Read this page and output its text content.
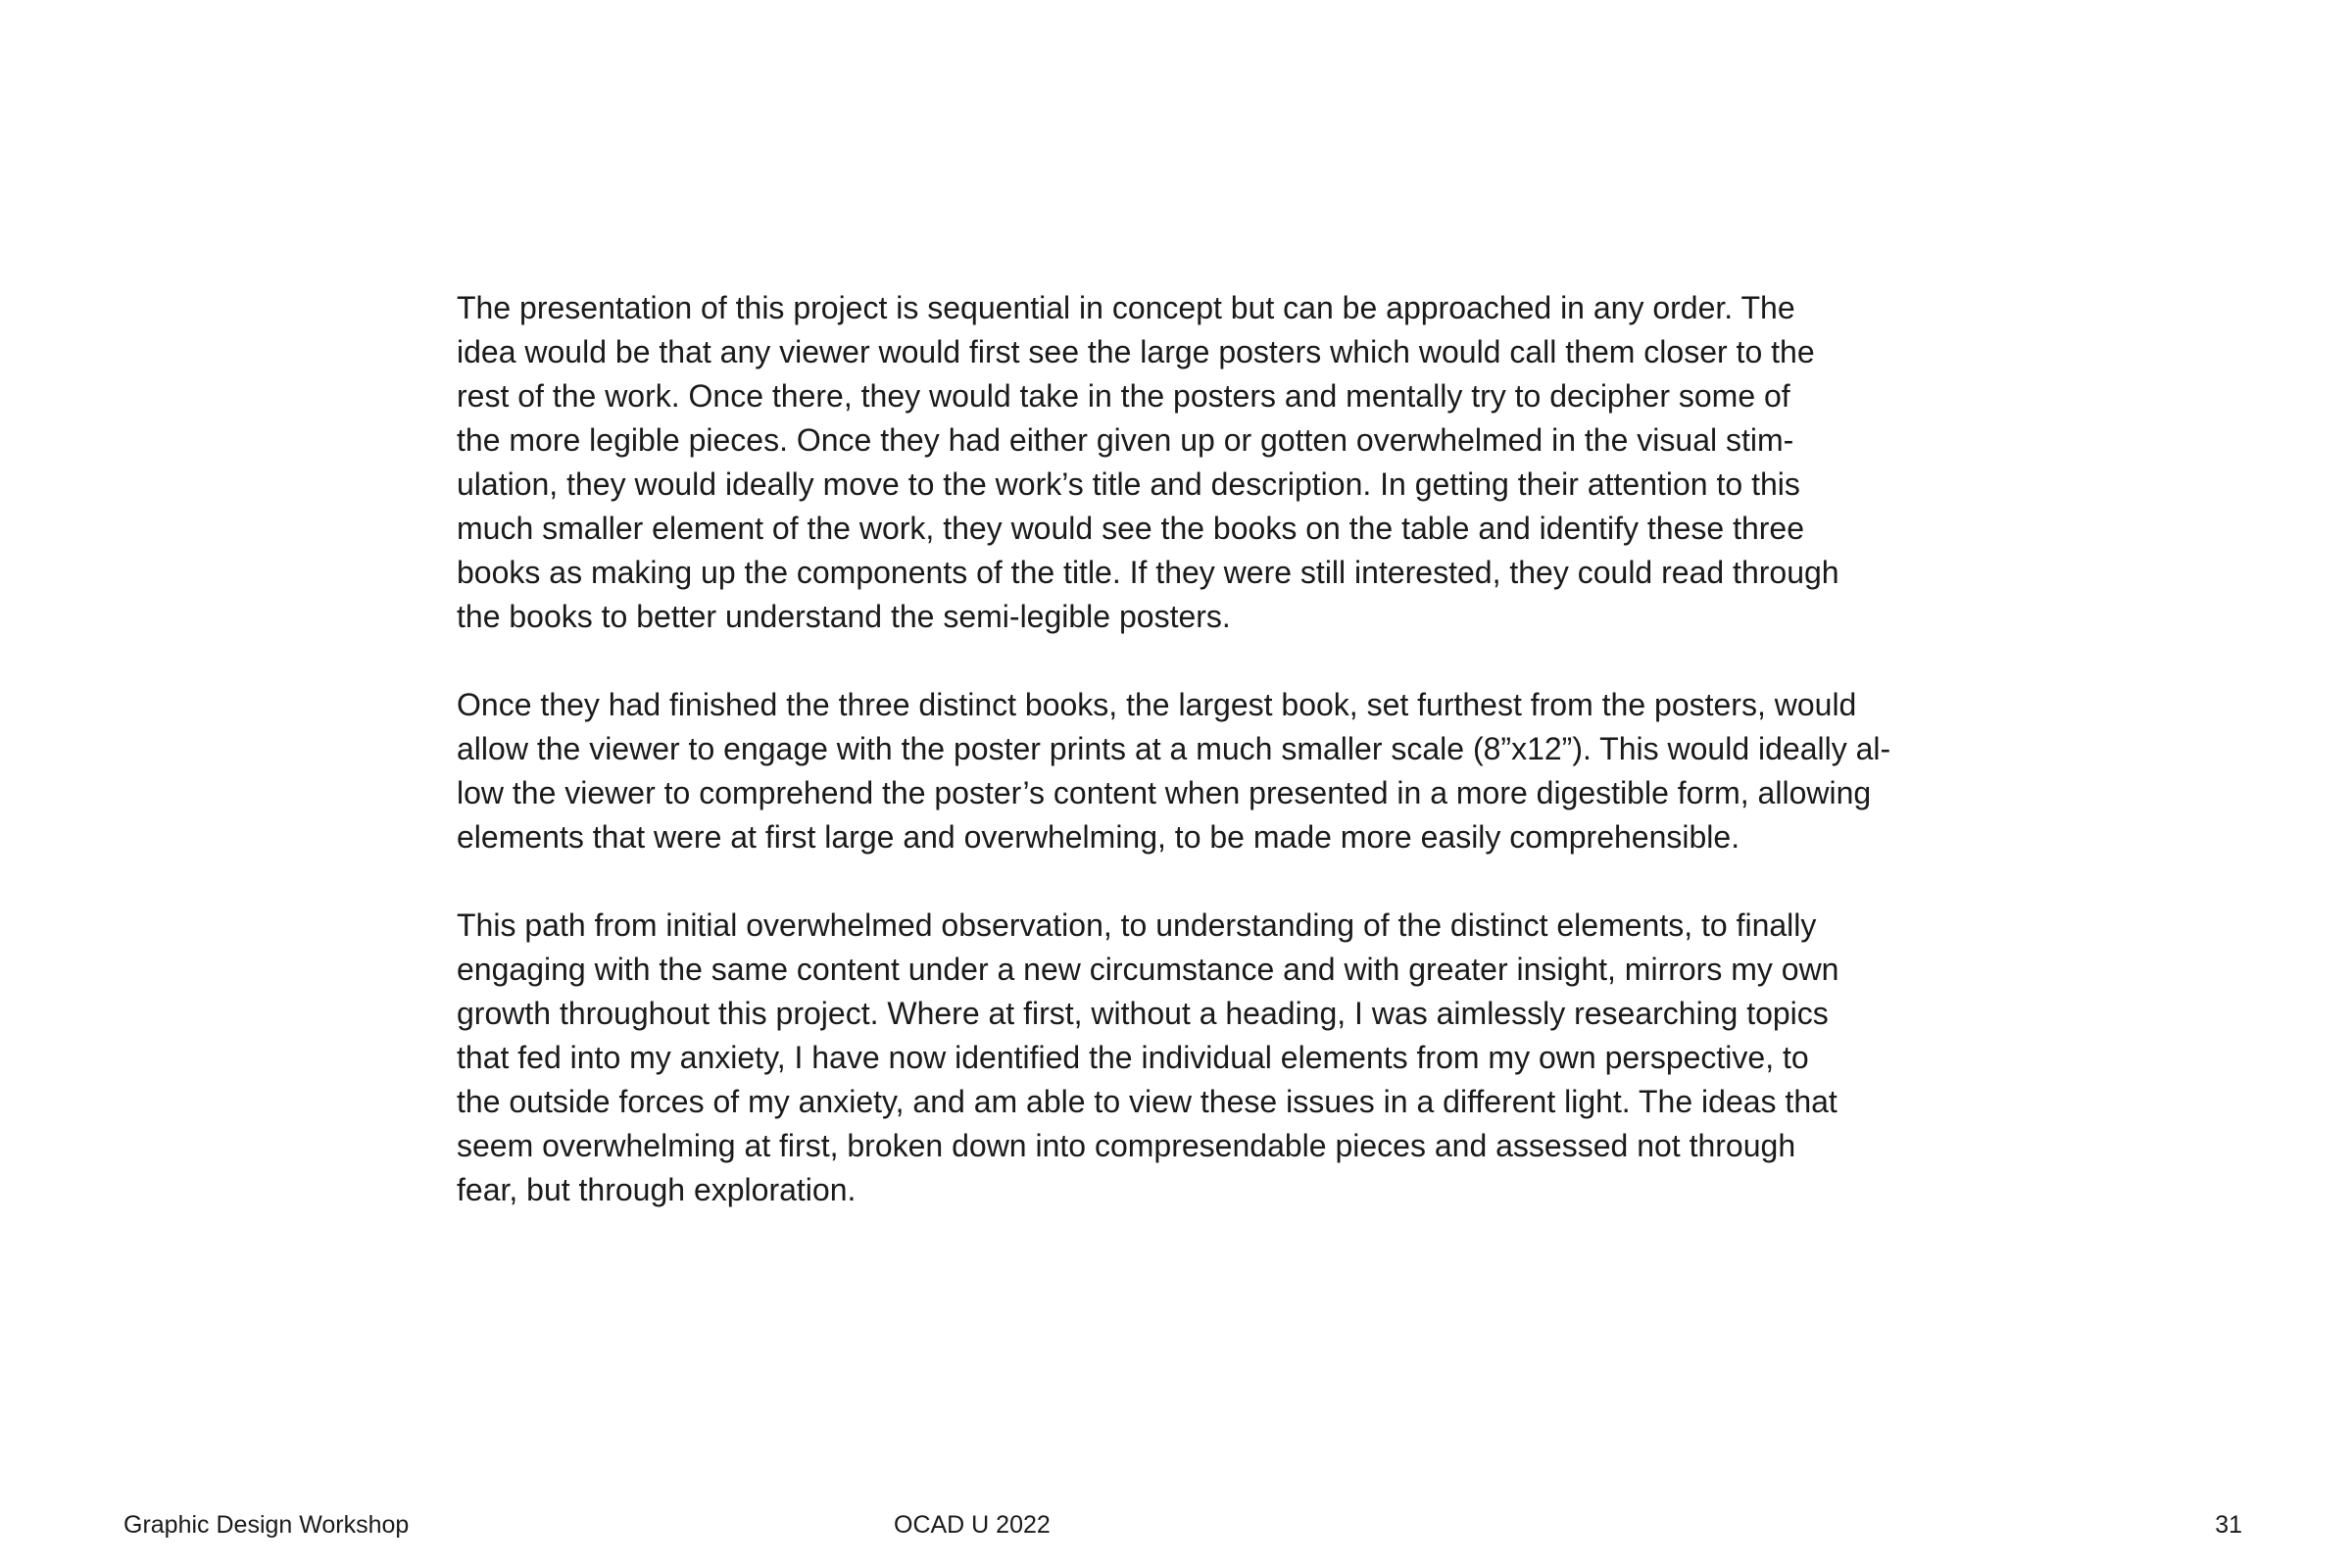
The presentation of this project is sequential in concept but can be approached in any order. The
idea would be that any viewer would first see the large posters which would call them closer to the
rest of the work. Once there, they would take in the posters and mentally try to decipher some of
the more legible pieces. Once they had either given up or gotten overwhelmed in the visual stim-
ulation, they would ideally move to the work’s title and description. In getting their attention to this
much smaller element of the work, they would see the books on the table and identify these three
books as making up the components of the title. If they were still interested, they could read through
the books to better understand the semi-legible posters.

Once they had finished the three distinct books, the largest book, set furthest from the posters, would
allow the viewer to engage with the poster prints at a much smaller scale (8”x12”). This would ideally al-
low the viewer to comprehend the poster’s content when presented in a more digestible form, allowing
elements that were at first large and overwhelming, to be made more easily comprehensible.

This path from initial overwhelmed observation, to understanding of the distinct elements, to finally
engaging with the same content under a new circumstance and with greater insight, mirrors my own
growth throughout this project. Where at first, without a heading, I was aimlessly researching topics
that fed into my anxiety, I have now identified the individual elements from my own perspective, to
the outside forces of my anxiety, and am able to view these issues in a different light. The ideas that
seem overwhelming at first, broken down into compresendable pieces and assessed not through
fear, but through exploration.

Graphic Design Workshop	OCAD U 2022	31
